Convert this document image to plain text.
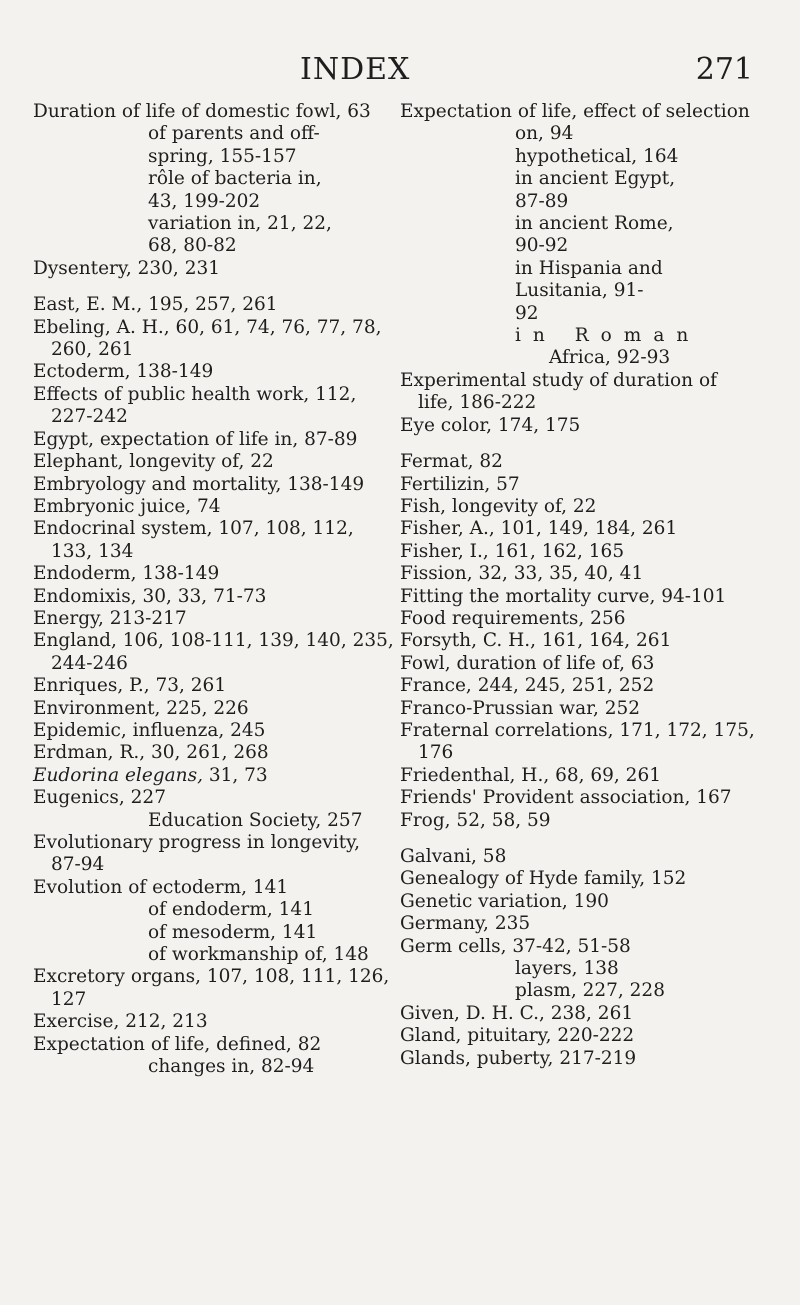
INDEX	271
Duration of life of domestic fowl, 63
of parents and off-
spring, 155-157
rôle of bacteria in,
43, 199-202
variation in, 21, 22,
68, 80-82
Dysentery, 230, 231
East, E. M., 195, 257, 261
Ebeling, A. H., 60, 61, 74, 76, 77, 78,
260, 261
Ectoderm, 138-149
Effects of public health work, 112,
227-242
Egypt, expectation of life in, 87-89
Elephant, longevity of, 22
Embryology and mortality, 138-149
Embryonic juice, 74
Endocrinal system, 107, 108, 112,
133, 134
Endoderm, 138-149
Endomixis, 30, 33, 71-73
Energy, 213-217
England, 106, 108-111, 139, 140, 235,
244-246
Enriques, P., 73, 261
Environment, 225, 226
Epidemic, influenza, 245
Erdman, R., 30, 261, 268
Eudorina elegans, 31, 73
Eugenics, 227
Education Society, 257
Evolutionary progress in longevity,
87-94
Evolution of ectoderm, 141
of endoderm, 141
of mesoderm, 141
of workmanship of, 148
Excretory organs, 107, 108, 111, 126,
127
Exercise, 212, 213
Expectation of life, defined, 82
changes in, 82-94
Expectation of life, effect of selection
on, 94
hypothetical, 164
in ancient Egypt,
87-89
in ancient Rome,
90-92
in Hispania and
Lusitania, 91-
92
in Roman
Africa, 92-93
Experimental study of duration of
life, 186-222
Eye color, 174, 175
Fermat, 82
Fertilizin, 57
Fish, longevity of, 22
Fisher, A., 101, 149, 184, 261
Fisher, I., 161, 162, 165
Fission, 32, 33, 35, 40, 41
Fitting the mortality curve, 94-101
Food requirements, 256
Forsyth, C. H., 161, 164, 261
Fowl, duration of life of, 63
France, 244, 245, 251, 252
Franco-Prussian war, 252
Fraternal correlations, 171, 172, 175,
176
Friedenthal, H., 68, 69, 261
Friends' Provident association, 167
Frog, 52, 58, 59
Galvani, 58
Genealogy of Hyde family, 152
Genetic variation, 190
Germany, 235
Germ cells, 37-42, 51-58
layers, 138
plasm, 227, 228
Given, D. H. C., 238, 261
Gland, pituitary, 220-222
Glands, puberty, 217-219
